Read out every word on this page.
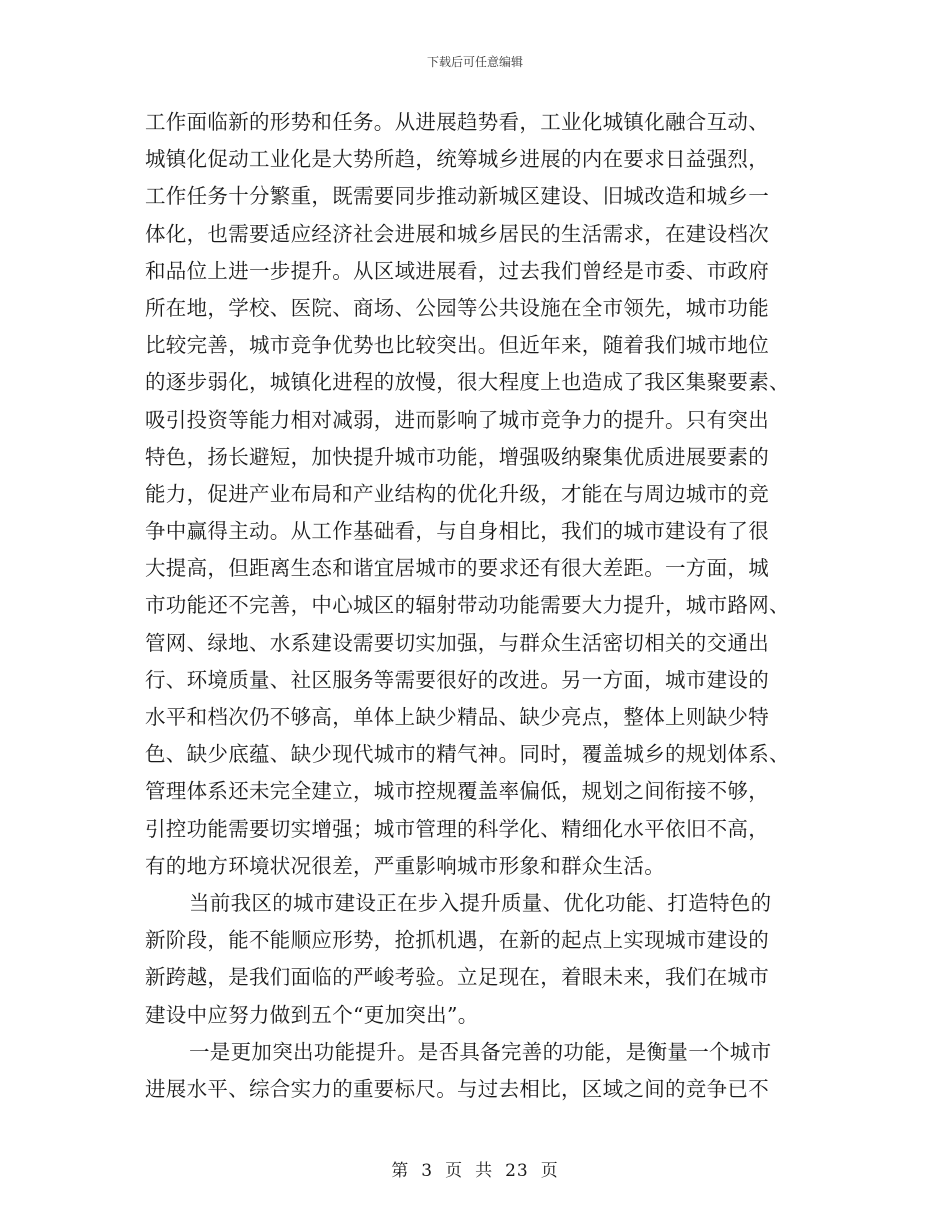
下载后可任意编辑
工作面临新的形势和任务。从进展趋势看，工业化城镇化融合互动、
城镇化促动工业化是大势所趋，统筹城乡进展的内在要求日益强烈，
工作任务十分繁重，既需要同步推动新城区建设、旧城改造和城乡一
体化，也需要适应经济社会进展和城乡居民的生活需求，在建设档次
和品位上进一步提升。从区域进展看，过去我们曾经是市委、市政府
所在地，学校、医院、商场、公园等公共设施在全市领先，城市功能
比较完善，城市竞争优势也比较突出。但近年来，随着我们城市地位
的逐步弱化，城镇化进程的放慢，很大程度上也造成了我区集聚要素、
吸引投资等能力相对减弱，进而影响了城市竞争力的提升。只有突出
特色，扬长避短，加快提升城市功能，增强吸纳聚集优质进展要素的
能力，促进产业布局和产业结构的优化升级，才能在与周边城市的竞
争中赢得主动。从工作基础看，与自身相比，我们的城市建设有了很
大提高，但距离生态和谐宜居城市的要求还有很大差距。一方面，城
市功能还不完善，中心城区的辐射带动功能需要大力提升，城市路网、
管网、绿地、水系建设需要切实加强，与群众生活密切相关的交通出
行、环境质量、社区服务等需要很好的改进。另一方面，城市建设的
水平和档次仍不够高，单体上缺少精品、缺少亮点，整体上则缺少特
色、缺少底蕴、缺少现代城市的精气神。同时，覆盖城乡的规划体系、
管理体系还未完全建立，城市控规覆盖率偏低，规划之间衔接不够，
引控功能需要切实增强；城市管理的科学化、精细化水平依旧不高，
有的地方环境状况很差，严重影响城市形象和群众生活。
当前我区的城市建设正在步入提升质量、优化功能、打造特色的
新阶段，能不能顺应形势，抢抓机遇，在新的起点上实现城市建设的
新跨越，是我们面临的严峻考验。立足现在，着眼未来，我们在城市
建设中应努力做到五个“更加突出”。
一是更加突出功能提升。是否具备完善的功能，是衡量一个城市
进展水平、综合实力的重要标尺。与过去相比，区域之间的竞争已不
第 3 页 共 23 页
